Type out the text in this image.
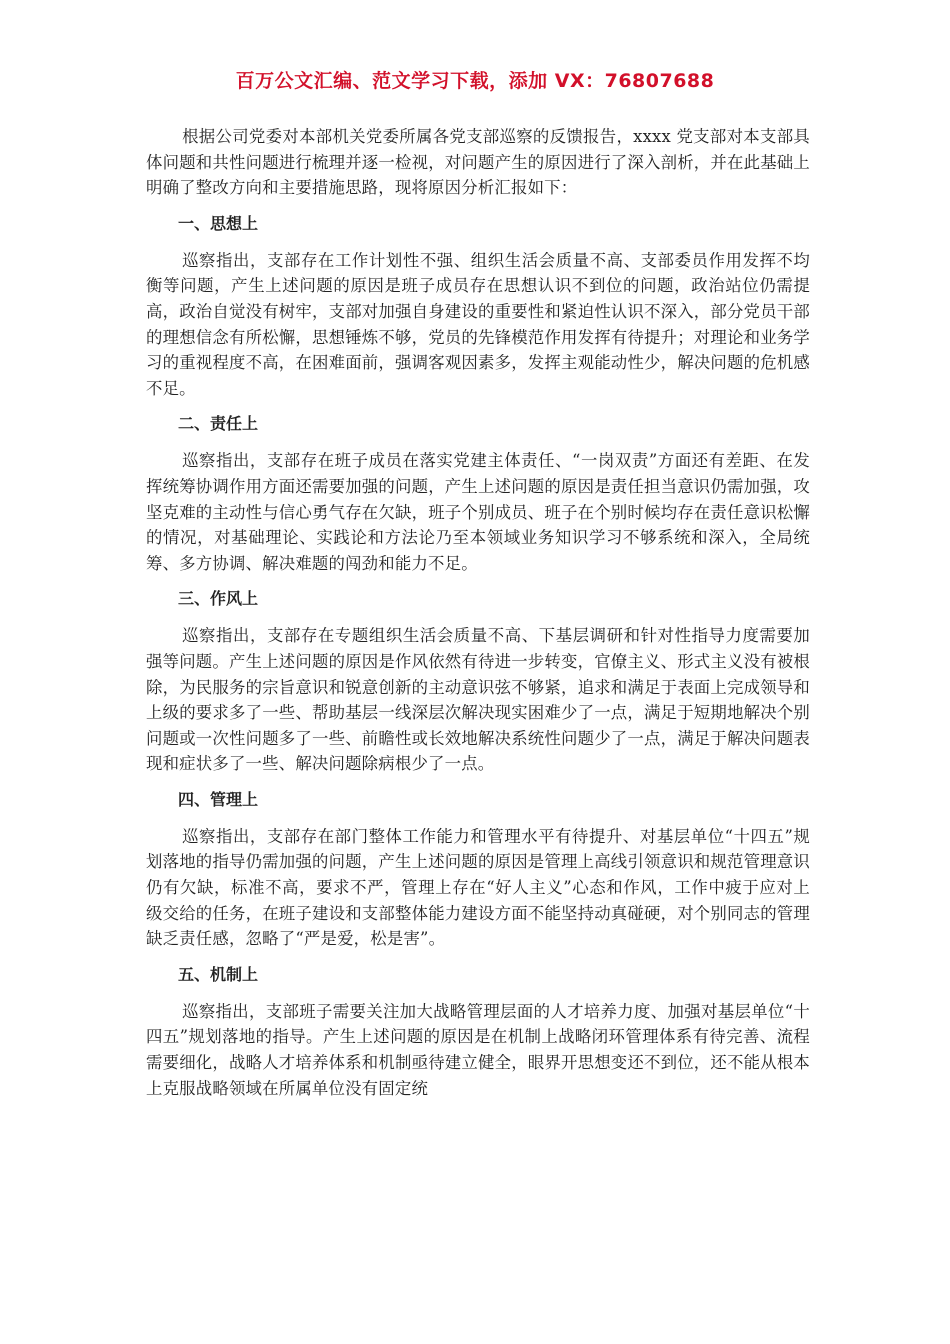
百万公文汇编、范文学习下载，添加 VX：76807688

根据公司党委对本部机关党委所属各党支部巡察的反馈报告，xxxx 党支部对本支部具体问题和共性问题进行梳理并逐一检视，对问题产生的原因进行了深入剖析，并在此基础上明确了整改方向和主要措施思路，现将原因分析汇报如下：

一、思想上

巡察指出，支部存在工作计划性不强、组织生活会质量不高、支部委员作用发挥不均衡等问题，产生上述问题的原因是班子成员存在思想认识不到位的问题，政治站位仍需提高，政治自觉没有树牢，支部对加强自身建设的重要性和紧迫性认识不深入，部分党员干部的理想信念有所松懈，思想锤炼不够，党员的先锋模范作用发挥有待提升；对理论和业务学习的重视程度不高，在困难面前，强调客观因素多，发挥主观能动性少，解决问题的危机感不足。

二、责任上

巡察指出，支部存在班子成员在落实党建主体责任、“一岗双责”方面还有差距、在发挥统筹协调作用方面还需要加强的问题，产生上述问题的原因是责任担当意识仍需加强，攻坚克难的主动性与信心勇气存在欠缺，班子个别成员、班子在个别时候均存在责任意识松懈的情况，对基础理论、实践论和方法论乃至本领域业务知识学习不够系统和深入，全局统筹、多方协调、解决难题的闯劲和能力不足。

三、作风上

巡察指出，支部存在专题组织生活会质量不高、下基层调研和针对性指导力度需要加强等问题。产生上述问题的原因是作风依然有待进一步转变，官僚主义、形式主义没有被根除，为民服务的宗旨意识和锐意创新的主动意识弦不够紧，追求和满足于表面上完成领导和上级的要求多了一些、帮助基层一线深层次解决现实困难少了一点，满足于短期地解决个别问题或一次性问题多了一些、前瞻性或长效地解决系统性问题少了一点，满足于解决问题表现和症状多了一些、解决问题除病根少了一点。

四、管理上

巡察指出，支部存在部门整体工作能力和管理水平有待提升、对基层单位“十四五”规划落地的指导仍需加强的问题，产生上述问题的原因是管理上高线引领意识和规范管理意识仍有欠缺，标准不高，要求不严，管理上存在“好人主义”心态和作风，工作中疲于应对上级交给的任务，在班子建设和支部整体能力建设方面不能坚持动真碰硬，对个别同志的管理缺乏责任感，忽略了“严是爱，松是害”。

五、机制上

巡察指出，支部班子需要关注加大战略管理层面的人才培养力度、加强对基层单位“十四五”规划落地的指导。产生上述问题的原因是在机制上战略闭环管理体系有待完善、流程需要细化，战略人才培养体系和机制亟待建立健全，眼界开思想变还不到位，还不能从根本上克服战略领域在所属单位没有固定统
